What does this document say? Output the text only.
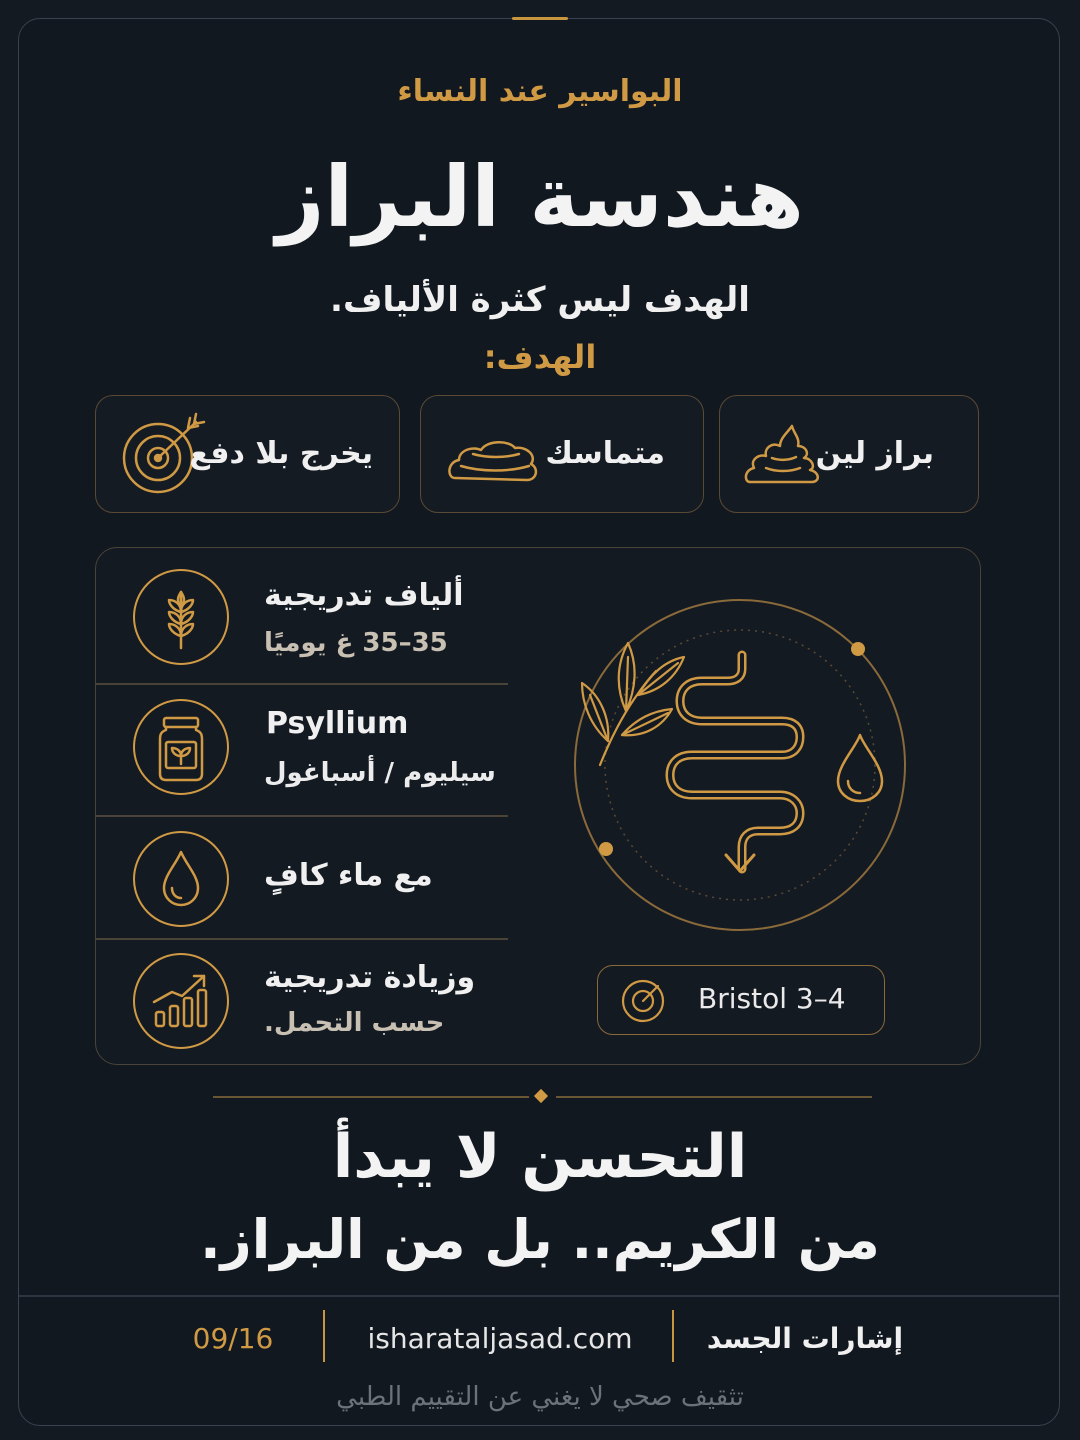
البواسير عند النساء
هندسة البراز
الهدف ليس كثرة الألياف.
الهدف:
براز لين
متماسك
يخرج بلا دفع
ألياف تدريجية
35–35 غ يوميًا
Psyllium
سيليوم / أسباغول
مع ماء كافٍ
وزيادة تدريجية
حسب التحمل.
Bristol 3–4
التحسن لا يبدأ
من الكريم.. بل من البراز.
إشارات الجسد
isharataljasad.com
09/16
تثقيف صحي لا يغني عن التقييم الطبي
